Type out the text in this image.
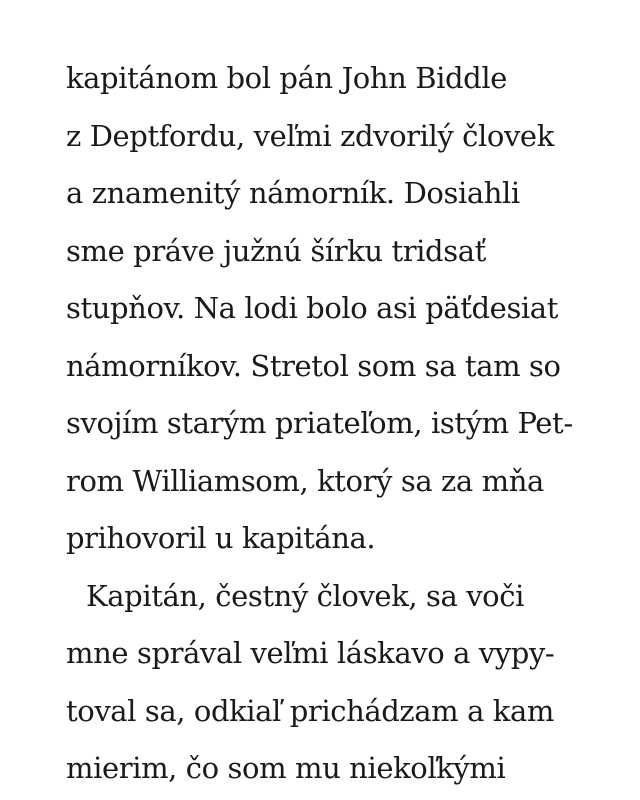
kapitánom bol pán John Biddle
z Deptfordu, veľmi zdvorilý človek
a znamenitý námorník. Dosiahli
sme práve južnú šírku tridsať
stupňov. Na lodi bolo asi päťdesiat
námorníkov. Stretol som sa tam so
svojím starým priateľom, istým Pet-
rom Williamsom, ktorý sa za mňa
prihovoril u kapitána.
Kapitán, čestný človek, sa voči
mne správal veľmi láskavo a vypy-
toval sa, odkiaľ prichádzam a kam
mierim, čo som mu niekoľkými
